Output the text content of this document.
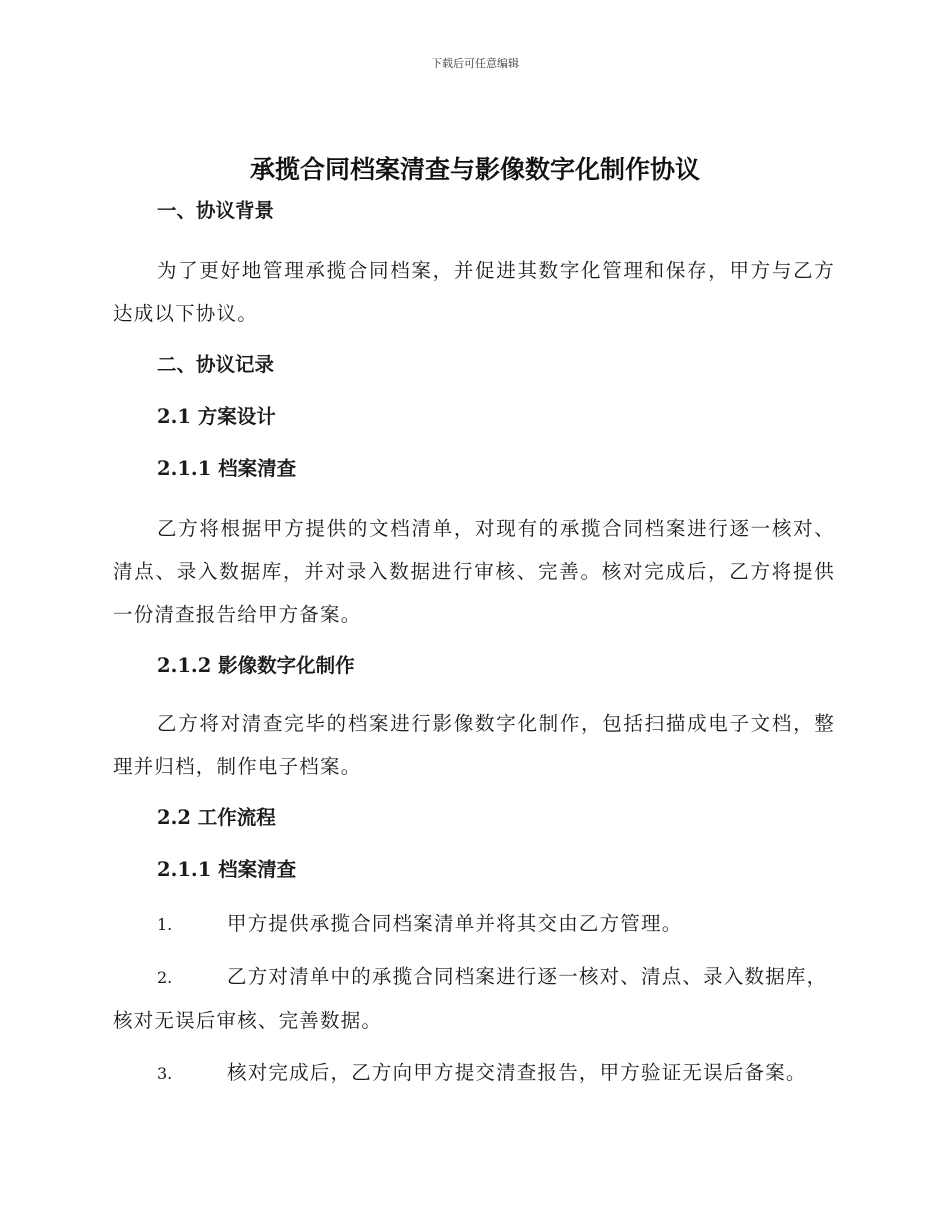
下载后可任意编辑
承揽合同档案清查与影像数字化制作协议

一、协议背景

为了更好地管理承揽合同档案，并促进其数字化管理和保存，甲方与乙方达成以下协议。

二、协议记录

2.1 方案设计

2.1.1 档案清查

乙方将根据甲方提供的文档清单，对现有的承揽合同档案进行逐一核对、清点、录入数据库，并对录入数据进行审核、完善。核对完成后，乙方将提供一份清查报告给甲方备案。

2.1.2 影像数字化制作

乙方将对清查完毕的档案进行影像数字化制作，包括扫描成电子文档，整理并归档，制作电子档案。

2.2 工作流程

2.1.1 档案清查

1.	甲方提供承揽合同档案清单并将其交由乙方管理。

2.	乙方对清单中的承揽合同档案进行逐一核对、清点、录入数据库，核对无误后审核、完善数据。

3.	核对完成后，乙方向甲方提交清查报告，甲方验证无误后备案。
